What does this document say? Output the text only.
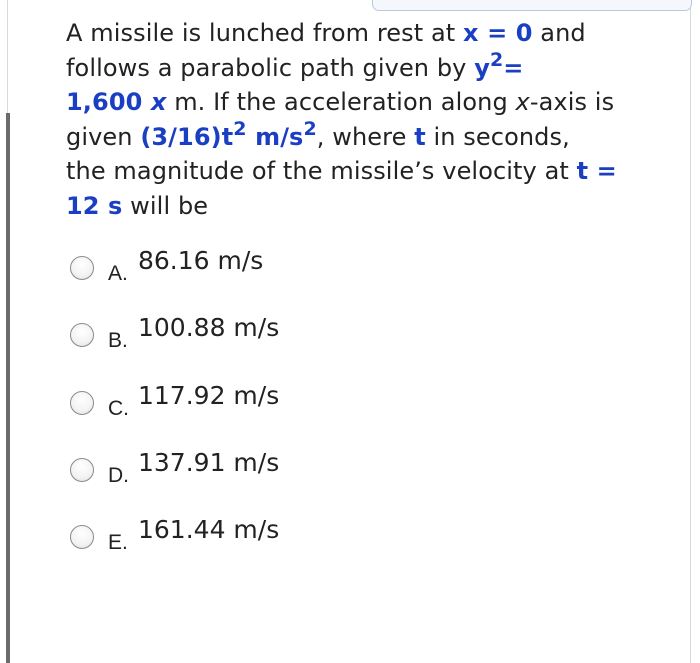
A missile is lunched from rest at x = 0 and
follows a parabolic path given by $y^2=$
1,600 x m. If the acceleration along x-axis is
given $(3/16)t^2$ $m/s^2$, where t in seconds,
the magnitude of the missile’s velocity at t =
12 s will be
A. 86.16 m/s
B. 100.88 m/s
C. 117.92 m/s
D. 137.91 m/s
E. 161.44 m/s
